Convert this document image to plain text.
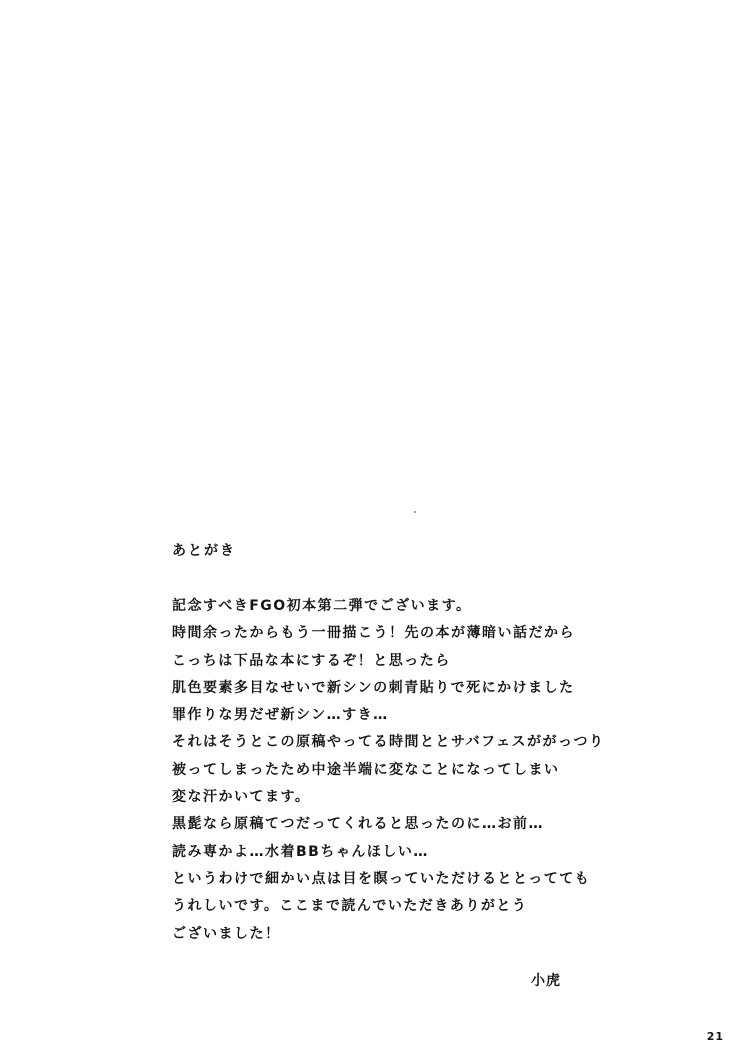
あとがき
記念すべきFGO初本第二弾でございます。
時間余ったからもう一冊描こう！先の本が薄暗い話だから
こっちは下品な本にするぞ！と思ったら
肌色要素多目なせいで新シンの刺青貼りで死にかけました
罪作りな男だぜ新シン…すき…
それはそうとこの原稿やってる時間ととサバフェスががっつり
被ってしまったため中途半端に変なことになってしまい
変な汗かいてます。
黒髭なら原稿てつだってくれると思ったのに…お前…
読み専かよ…水着BBちゃんほしい…
というわけで細かい点は目を瞑っていただけるととってても
うれしいです。ここまで読んでいただきありがとう
ございました！
小虎
21
